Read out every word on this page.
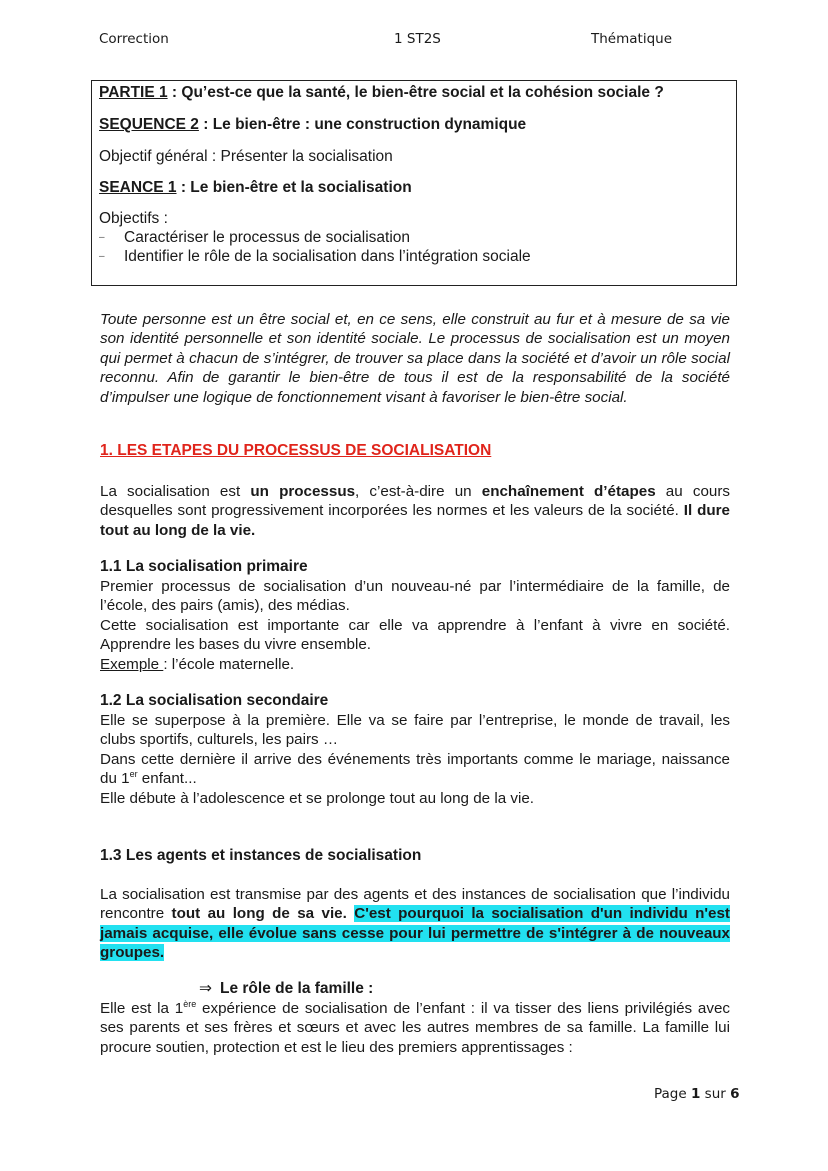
Correction	1 ST2S	Thématique
PARTIE 1 : Qu’est-ce que la santé, le bien-être social et la cohésion sociale ?
SEQUENCE 2 : Le bien-être : une construction dynamique
Objectif général : Présenter la socialisation
SEANCE 1 : Le bien-être et la socialisation
Objectifs :
– Caractériser le processus de socialisation
– Identifier le rôle de la socialisation dans l’intégration sociale
Toute personne est un être social et, en ce sens, elle construit au fur et à mesure de sa vie son identité personnelle et son identité sociale. Le processus de socialisation est un moyen qui permet à chacun de s’intégrer, de trouver sa place dans la société et d’avoir un rôle social reconnu. Afin de garantir le bien-être de tous il est de la responsabilité de la société d’impulser une logique de fonctionnement visant à favoriser le bien-être social.
1. LES ETAPES DU PROCESSUS DE SOCIALISATION
La socialisation est un processus, c’est-à-dire un enchaînement d’étapes au cours desquelles sont progressivement incorporées les normes et les valeurs de la société. Il dure tout au long de la vie.
1.1 La socialisation primaire
Premier processus de socialisation d’un nouveau-né par l’intermédiaire de la famille, de l’école, des pairs (amis), des médias.
Cette socialisation est importante car elle va apprendre à l’enfant à vivre en société. Apprendre les bases du vivre ensemble.
Exemple : l’école maternelle.
1.2 La socialisation secondaire
Elle se superpose à la première. Elle va se faire par l’entreprise, le monde de travail, les clubs sportifs, culturels, les pairs …
Dans cette dernière il arrive des événements très importants comme le mariage, naissance du 1er enfant...
Elle débute à l’adolescence et se prolonge tout au long de la vie.
1.3 Les agents et instances de socialisation
La socialisation est transmise par des agents et des instances de socialisation que l’individu rencontre tout au long de sa vie. C'est pourquoi la socialisation d'un individu n'est jamais acquise, elle évolue sans cesse pour lui permettre de s'intégrer à de nouveaux groupes.
⇒ Le rôle de la famille :
Elle est la 1ère expérience de socialisation de l’enfant : il va tisser des liens privilégiés avec ses parents et ses frères et sœurs et avec les autres membres de sa famille. La famille lui procure soutien, protection et est le lieu des premiers apprentissages :
Page 1 sur 6
